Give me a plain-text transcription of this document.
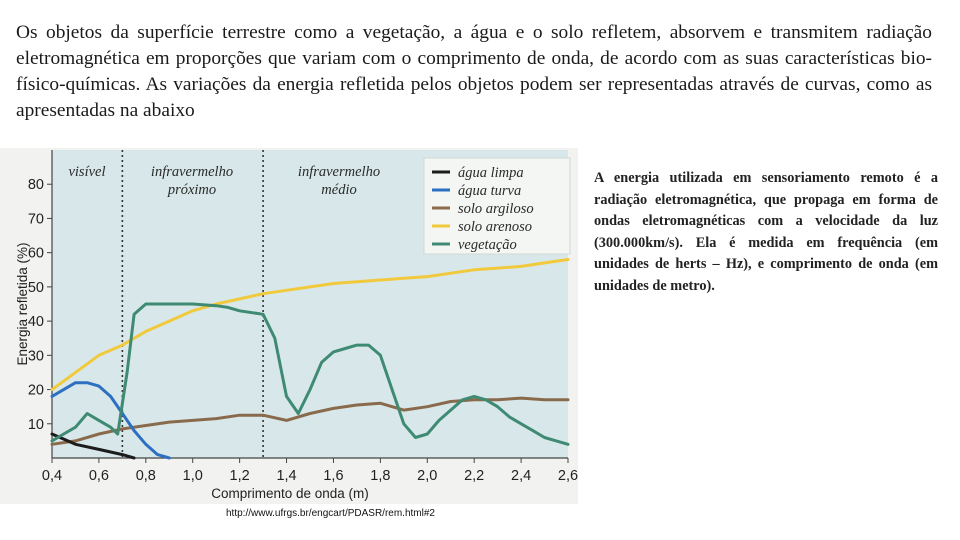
Os objetos da superfície terrestre como a vegetação, a água e o solo refletem, absorvem e transmitem radiação eletromagnética em proporções que variam com o comprimento de onda, de acordo com as suas características bio-físico-químicas. As variações da energia refletida pelos objetos podem ser representadas através de curvas, como as apresentadas na abaixo

visível	infravermelho
próximo
infravermelho
médio
10
20
30
40
50
60
70
80
0,4 0,6 0,8 1,0 1,2 1,4 1,6 1,8 2,0 2,2 2,4 2,6
Comprimento de onda (m)
Energia refletida (%)
água limpa
água turva
solo argiloso
solo arenoso
vegetação

A energia utilizada em sensoriamento remoto é a radiação eletromagnética, que propaga em forma de ondas eletromagnéticas com a velocidade da luz (300.000km/s). Ela é medida em frequência (em unidades de herts – Hz), e comprimento de onda (em unidades de metro).

http://www.ufrgs.br/engcart/PDASR/rem.html#2
